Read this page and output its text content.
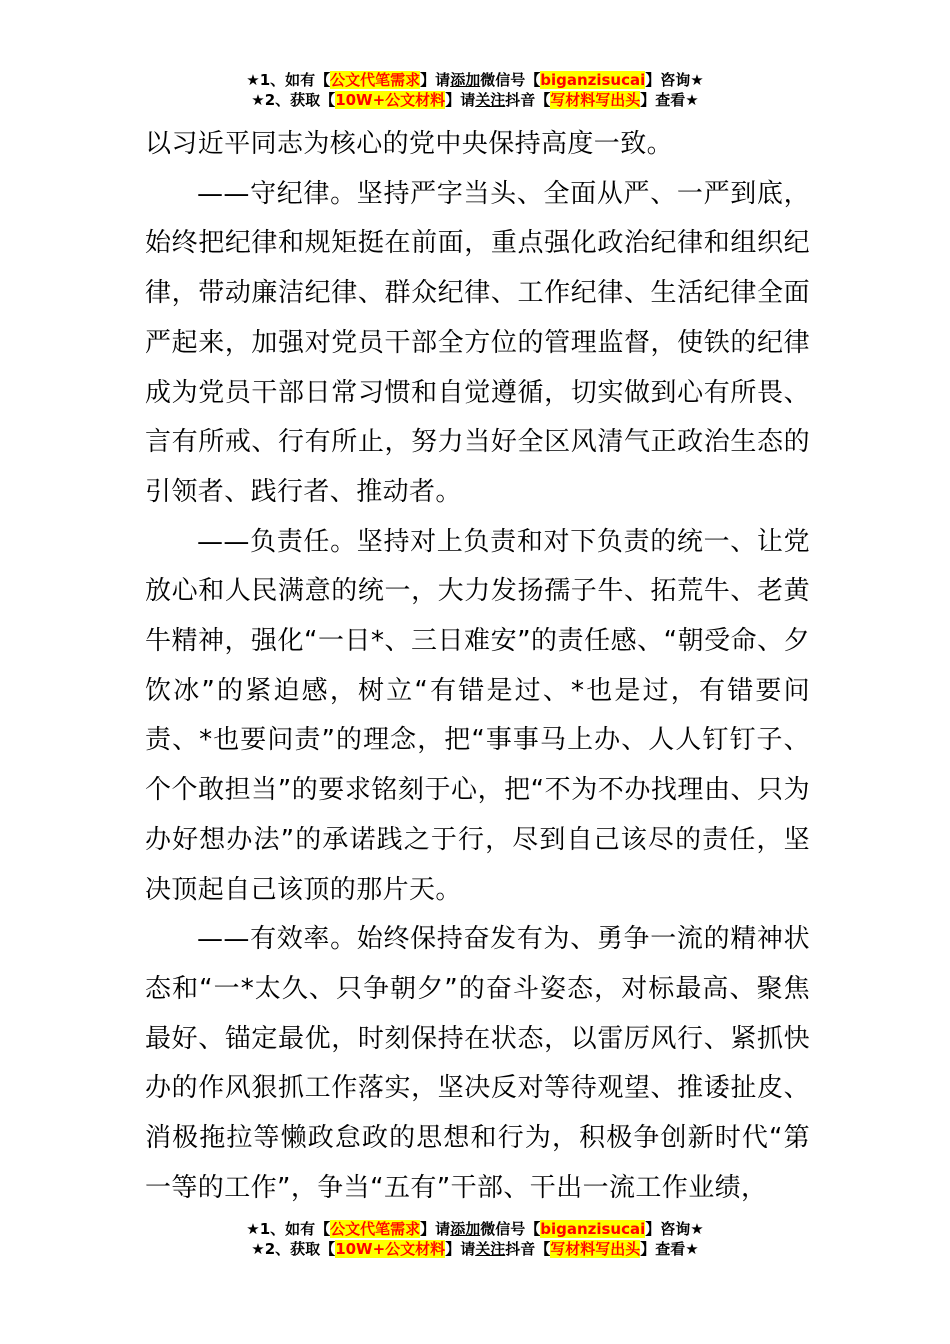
★1、如有【公文代笔需求】请添加微信号【biganzisucai】咨询★
★2、获取【10W+公文材料】请关注抖音【写材料写出头】查看★

以习近平同志为核心的党中央保持高度一致。

——守纪律。坚持严字当头、全面从严、一严到底，始终把纪律和规矩挺在前面，重点强化政治纪律和组织纪律，带动廉洁纪律、群众纪律、工作纪律、生活纪律全面严起来，加强对党员干部全方位的管理监督，使铁的纪律成为党员干部日常习惯和自觉遵循，切实做到心有所畏、言有所戒、行有所止，努力当好全区风清气正政治生态的引领者、践行者、推动者。

——负责任。坚持对上负责和对下负责的统一、让党放心和人民满意的统一，大力发扬孺子牛、拓荒牛、老黄牛精神，强化“一日*、三日难安”的责任感、“朝受命、夕饮冰”的紧迫感，树立“有错是过、*也是过，有错要问责、*也要问责”的理念，把“事事马上办、人人钉钉子、个个敢担当”的要求铭刻于心，把“不为不办找理由、只为办好想办法”的承诺践之于行，尽到自己该尽的责任，坚决顶起自己该顶的那片天。

——有效率。始终保持奋发有为、勇争一流的精神状态和“一*太久、只争朝夕”的奋斗姿态，对标最高、聚焦最好、锚定最优，时刻保持在状态，以雷厉风行、紧抓快办的作风狠抓工作落实，坚决反对等待观望、推诿扯皮、消极拖拉等懒政怠政的思想和行为，积极争创新时代“第一等的工作”，争当“五有”干部、干出一流工作业绩，

★1、如有【公文代笔需求】请添加微信号【biganzisucai】咨询★
★2、获取【10W+公文材料】请关注抖音【写材料写出头】查看★
